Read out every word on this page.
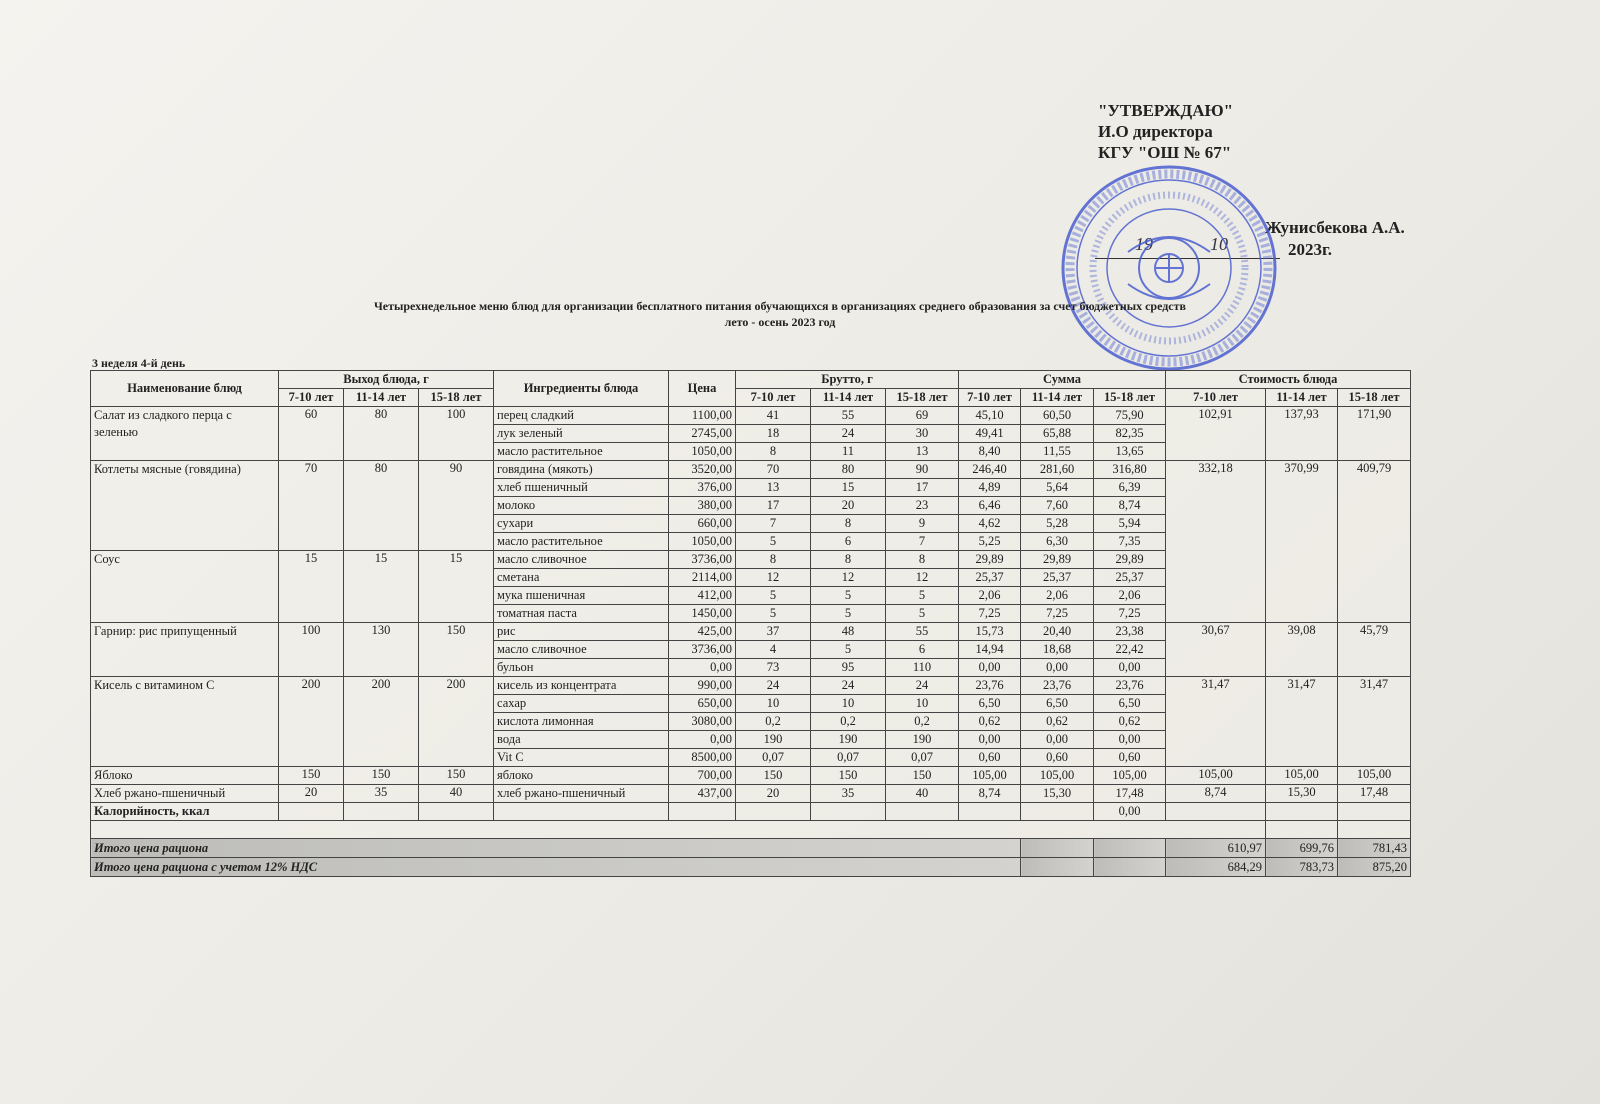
"УТВЕРЖДАЮ"
И.О директора
КГУ "ОШ № 67"
19	10
Жунисбекова А.А.
2023г.
Четырехнедельное меню блюд для организации бесплатного питания обучающихся в организациях среднего образования за счет бюджетных средств
лето - осень 2023 год
3 неделя 4-й день
Наименование блюд	Выход блюда, г			Ингредиенты блюда	Цена	Брутто, г			Сумма			Стоимость блюда		
	7-10 лет	11-14 лет	15-18 лет			7-10 лет	11-14 лет	15-18 лет	7-10 лет	11-14 лет	15-18 лет	7-10 лет	11-14 лет	15-18 лет
Салат из сладкого перца с зеленью	60	80	100	перец сладкий	1100,00	41	55	69	45,10	60,50	75,90	102,91	137,93	171,90
				лук зеленый	2745,00	18	24	30	49,41	65,88	82,35			
				масло растительное	1050,00	8	11	13	8,40	11,55	13,65			
Котлеты мясные (говядина)	70	80	90	говядина (мякоть)	3520,00	70	80	90	246,40	281,60	316,80	332,18	370,99	409,79
				хлеб пшеничный	376,00	13	15	17	4,89	5,64	6,39			
				молоко	380,00	17	20	23	6,46	7,60	8,74			
				сухари	660,00	7	8	9	4,62	5,28	5,94			
				масло растительное	1050,00	5	6	7	5,25	6,30	7,35			
Соус	15	15	15	масло сливочное	3736,00	8	8	8	29,89	29,89	29,89			
				сметана	2114,00	12	12	12	25,37	25,37	25,37			
				мука пшеничная	412,00	5	5	5	2,06	2,06	2,06			
				томатная паста	1450,00	5	5	5	7,25	7,25	7,25			
Гарнир: рис припущенный	100	130	150	рис	425,00	37	48	55	15,73	20,40	23,38	30,67	39,08	45,79
				масло сливочное	3736,00	4	5	6	14,94	18,68	22,42			
				бульон	0,00	73	95	110	0,00	0,00	0,00			
Кисель с витамином С	200	200	200	кисель из концентрата	990,00	24	24	24	23,76	23,76	23,76	31,47	31,47	31,47
				сахар	650,00	10	10	10	6,50	6,50	6,50			
				кислота лимонная	3080,00	0,2	0,2	0,2	0,62	0,62	0,62			
				вода	0,00	190	190	190	0,00	0,00	0,00			
				Vit C	8500,00	0,07	0,07	0,07	0,60	0,60	0,60			
Яблоко	150	150	150	яблоко	700,00	150	150	150	105,00	105,00	105,00	105,00	105,00	105,00
Хлеб ржано-пшеничный	20	35	40	хлеб ржано-пшеничный	437,00	20	35	40	8,74	15,30	17,48	8,74	15,30	17,48
Калорийность, ккал											0,00			

Итого цена рациона												610,97	699,76	781,43
Итого цена рациона с учетом 12% НДС												684,29	783,73	875,20
